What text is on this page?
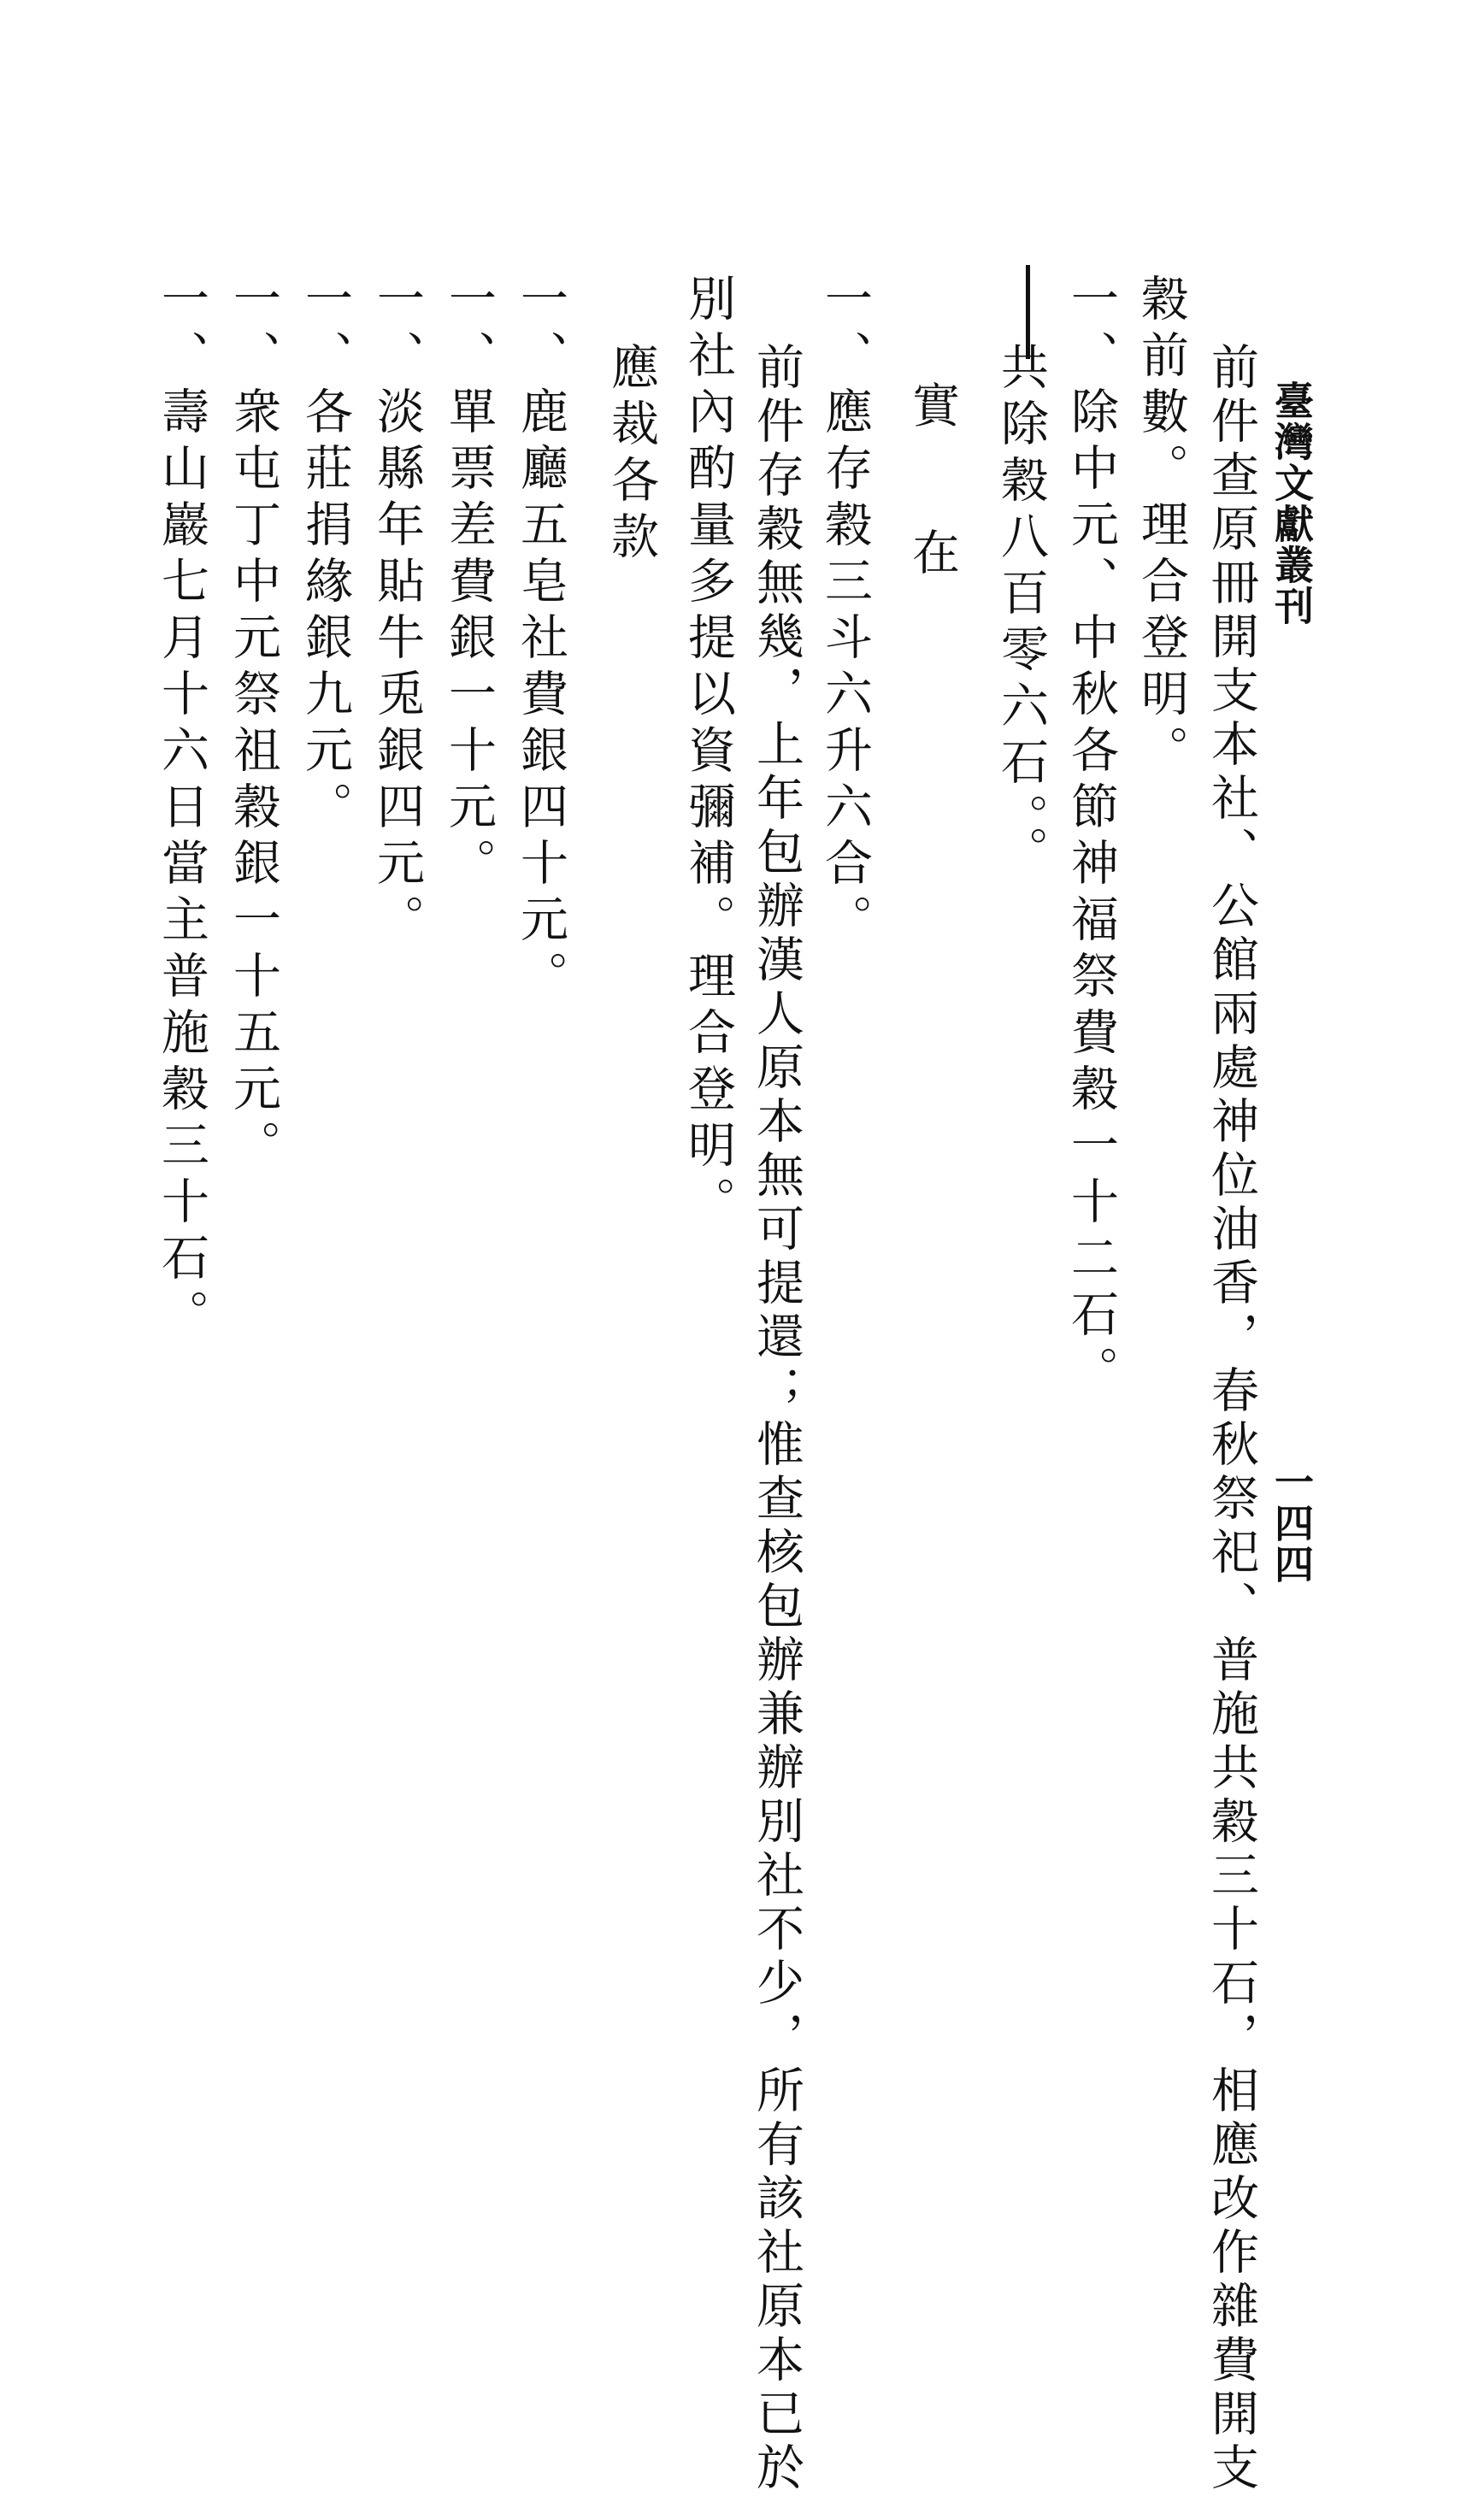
臺灣文獻叢刊
一四四
前件查原冊開支本社、公館兩處神位油香，春秋祭祀、普施共穀三十石，相應改作雜費開支
穀前數。理合登明。
一、除中元、中秋各節神福祭費穀一十二石。
共除穀八百零六石。。
實　在
一、應存穀三斗六升六合。
前件存穀無幾，上年包辦漢人原本無可提還；惟查核包辦兼辦別社不少，所有該社原本已於
別社內酌量多提以資彌補。理合登明。
應裁各款
一、鹿廳五皂社費銀四十元。
一、單票差費銀一十元。
一、淡縣年貼牛兎銀四元。
一、各莊捐緣銀九元。
一、衆屯丁中元祭祖穀銀一十五元。
一、壽山巖七月十六日當主普施穀三十石。
